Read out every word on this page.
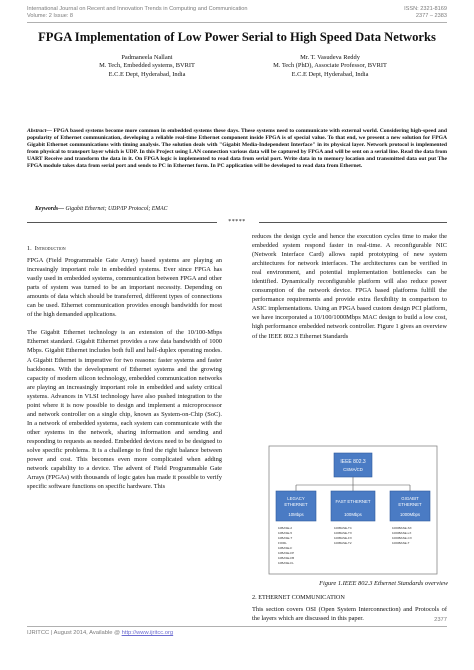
International Journal on Recent and Innovation Trends in Computing and Communication	ISSN: 2321-8169
Volume: 2 Issue: 8	2377 – 2383
FPGA Implementation of Low Power Serial to High Speed Data Networks
Padmaneela Nallani
M. Tech, Embedded systems, BVRIT
E.C.E Dept, Hyderabad, India
Mr. T. Vasudeva Reddy
M. Tech (PhD), Associate Professor, BVRIT
E.C.E Dept, Hyderabad, India
Abstract— FPGA based systems become more common in embedded systems these days. These systems need to communicate with external world. Considering high-speed and popularity of Ethernet communication, developing a reliable real-time Ethernet component inside FPGA is of special value. To that end, we present a new solution for FPGA Gigabit Ethernet communications with timing analysis. The solution deals with "Gigabit Media-Independent Interface" in its physical layer. Network protocol is implemented from physical to transport layer which is UDP. In this Project using LAN connection various data will be captured by FPGA and will be sent on a serial line. Read the data from UART Receive and transform the data in it. On FPGA logic is implemented to read data from serial port. Write data in to memory location and transmitted data out put The FPGA module takes data from serial port and sends to PC in Ethernet form. In PC application will be developed to read data from Ethernet.
Keywords— Gigabit Ethernet; UDP/IP Protocol; EMAC
*****
1. Introduction

FPGA (Field Programmable Gate Array) based systems are playing an increasingly important role in embedded systems. Ever since FPGA has vastly used in embedded systems, communication between FPGA and other parts of system was turned to be an important necessity. Depending on amounts of data which should be transferred, different types of connections can be used. Ethernet communication provides enough bandwidth for most of the high demanded applications.

The Gigabit Ethernet technology is an extension of the 10/100-Mbps Ethernet standard. Gigabit Ethernet provides a raw data bandwidth of 1000 Mbps. Gigabit Ethernet includes both full and half-duplex operating modes. A Gigabit Ethernet is imperative for two reasons: faster systems and faster backbones. With the development of Ethernet systems and the growing capacity of modern silicon technology, embedded communication networks are playing an increasingly important role in embedded and safety critical systems. Advances in VLSI technology have also pushed integration to the point where it is now possible to design and implement a microprocessor and network controller on a single chip, known as System-on-Chip (SoC). In a network of embedded systems, each system can communicate with the other systems in the network, sharing information and sending and responding to requests as needed. Embedded devices need to be designed to solve specific problems. It is a challenge to find the right balance between power and cost. This becomes even more complicated when adding network capability to a device. The advent of Field Programmable Gate Arrays (FPGAs) with thousands of logic gates has made it possible to verify specific software functions on specific hardware. This

reduces the design cycle and hence the execution cycles time to make the embedded system respond faster in real-time. A reconfigurable NIC (Network Interface Card) allows rapid prototyping of new system architectures for network interfaces. The architectures can be verified in real environment, and potential implementation bottlenecks can be identified. Dynamically reconfigurable platform will also reduce power consumption of the network device. FPGA based platforms fulfill the performance requirements and provide extra flexibility in comparison to ASIC implementations. Using an FPGA based custom design PCI platform, we have incorporated a 10/100/1000Mbps MAC design to build a low cost, high performance embedded network controller. Figure 1 gives an overview of the IEEE 802.3 Ethernet Standards

IEEE 802.3
CSMA/CD
LEGACY
ETHERNET
10Mbps
FAST ETHERNET
100Mbps
GIGABIT
ETHERNET
1000Mbps
10BASE-2
10BASE-5
10BASE-T
FOIRL
10BASE-F
10BASE-FP
10BASE-FB
10BASE-FL
100BASE-T4
100BASE-TX
100BASE-FX
100BASE-T2
1000BASE-SX
1000BASE-LX
1000BASE-CX
1000BASE-T
Figure 1.IEEE 802.3 Ethernet Standards overview
2. ETHERNET COMMUNICATION

This section covers OSI (Open System Interconnection) and Protocols of the layers which are discussed in this paper.	2377
IJRITCC | August 2014, Available @ http://www.ijritcc.org
